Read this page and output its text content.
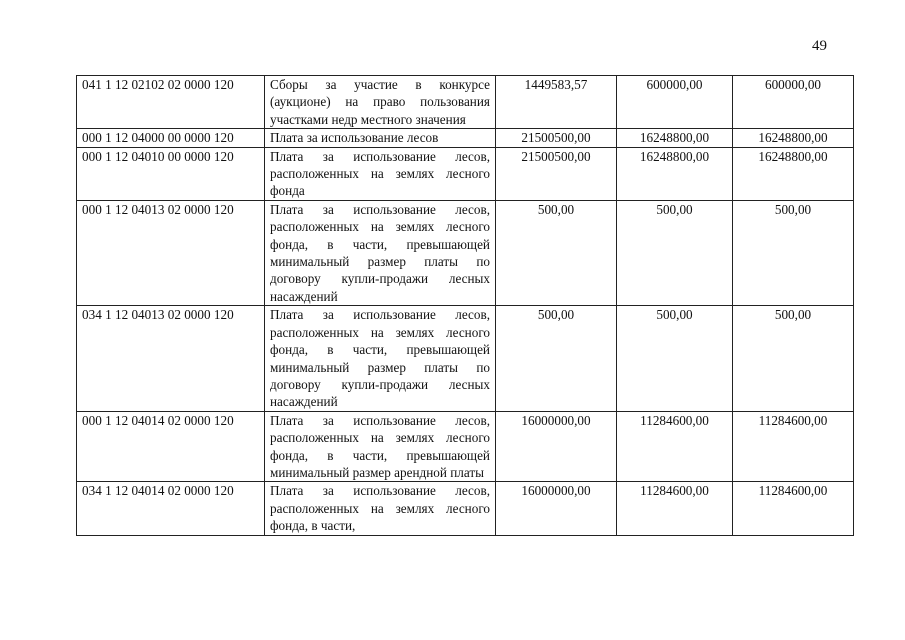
49
041 1 12 02102 02 0000 120	Сборы за участие в конкурсе (аукционе) на право пользования участками недр местного значения	1449583,57	600000,00	600000,00
000 1 12 04000 00 0000 120	Плата за использование лесов	21500500,00	16248800,00	16248800,00
000 1 12 04010 00 0000 120	Плата за использование лесов, расположенных на землях лесного фонда	21500500,00	16248800,00	16248800,00
000 1 12 04013 02 0000 120	Плата за использование лесов, расположенных на землях лесного фонда, в части, превышающей минимальный размер платы по договору купли-продажи лесных насаждений	500,00	500,00	500,00
034 1 12 04013 02 0000 120	Плата за использование лесов, расположенных на землях лесного фонда, в части, превышающей минимальный размер платы по договору купли-продажи лесных насаждений	500,00	500,00	500,00
000 1 12 04014 02 0000 120	Плата за использование лесов, расположенных на землях лесного фонда, в части, превышающей минимальный размер арендной платы	16000000,00	11284600,00	11284600,00
034 1 12 04014 02 0000 120	Плата за использование лесов, расположенных на землях лесного фонда, в части,	16000000,00	11284600,00	11284600,00
